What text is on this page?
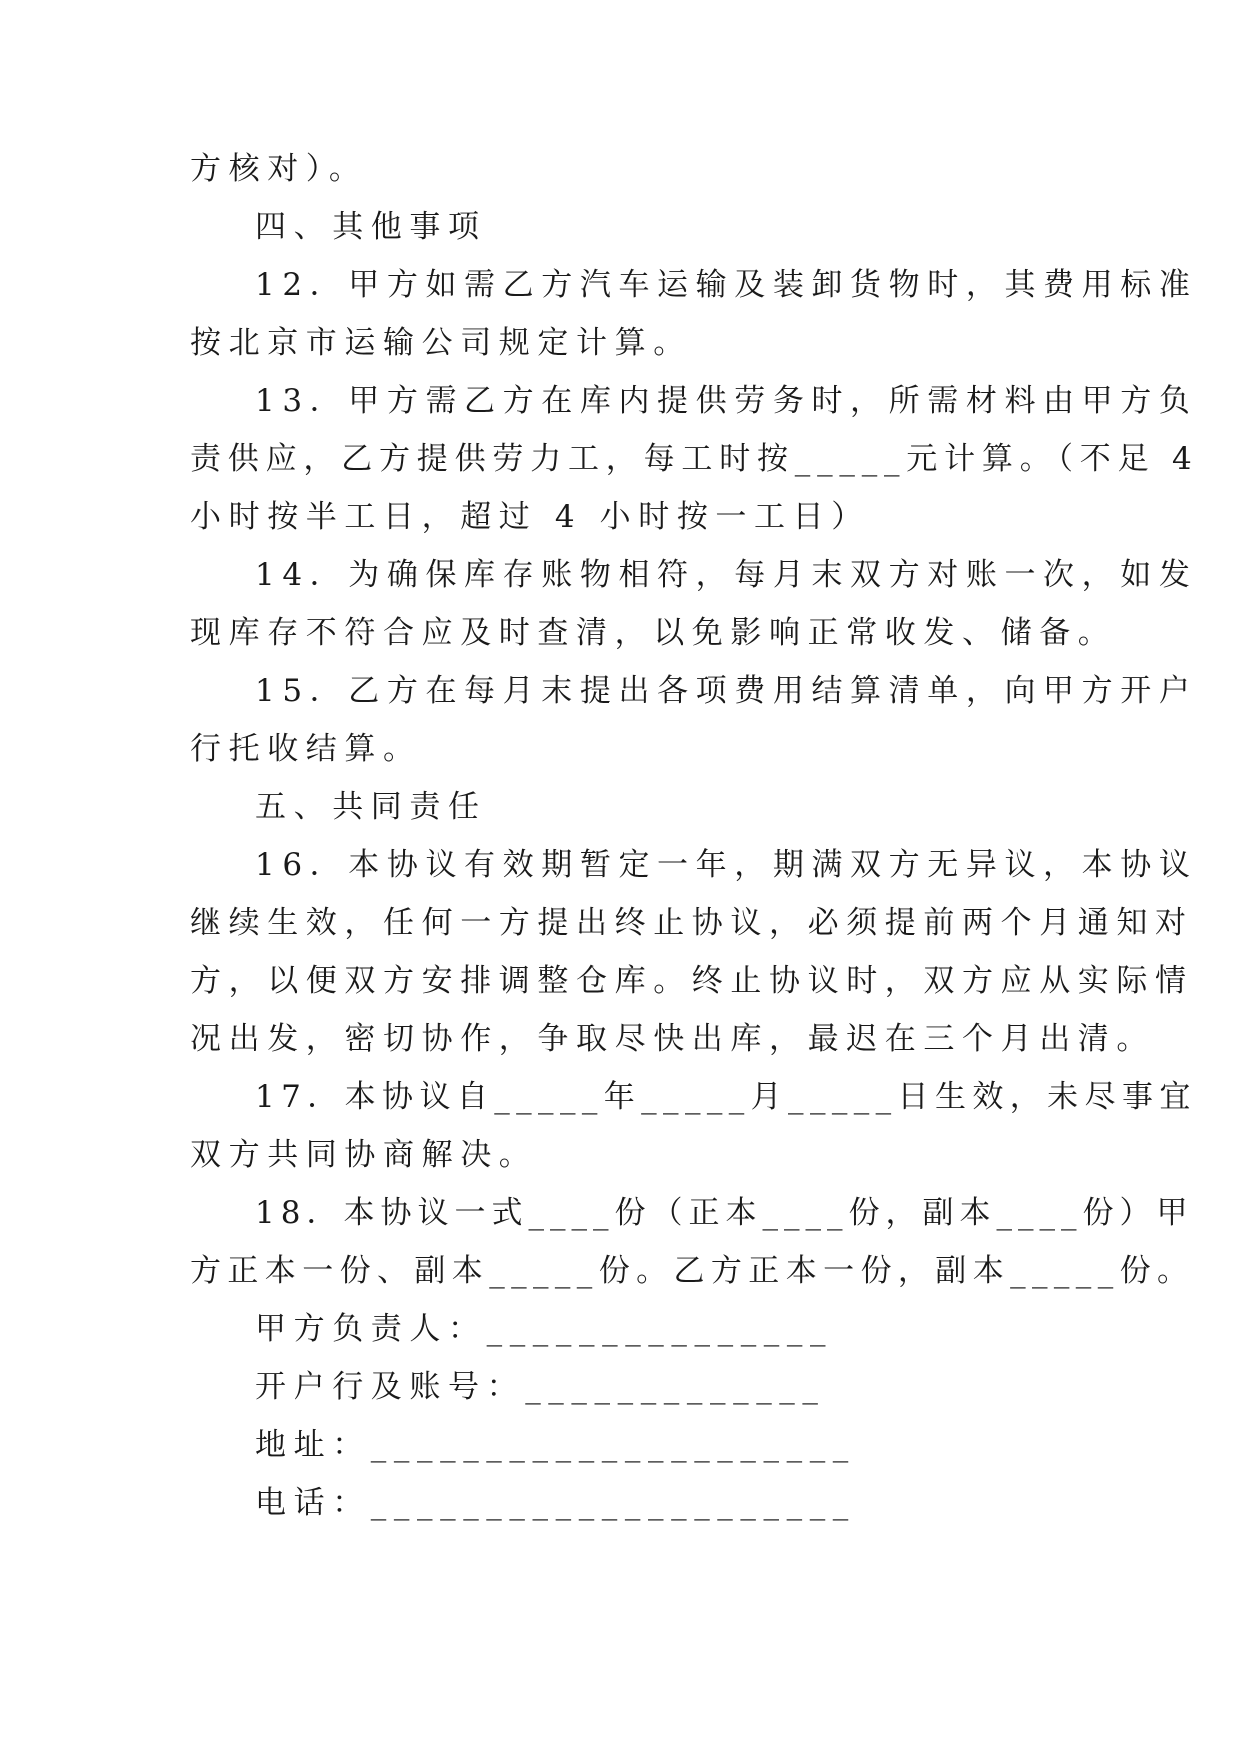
方核对）。
四、其他事项
12．甲方如需乙方汽车运输及装卸货物时，其费用标准
按北京市运输公司规定计算。
13．甲方需乙方在库内提供劳务时，所需材料由甲方负
责供应，乙方提供劳力工，每工时按_____元计算。（不足 4
小时按半工日，超过 4 小时按一工日）
14．为确保库存账物相符，每月末双方对账一次，如发
现库存不符合应及时查清，以免影响正常收发、储备。
15．乙方在每月末提出各项费用结算清单，向甲方开户
行托收结算。
五、共同责任
16．本协议有效期暂定一年，期满双方无异议，本协议
继续生效，任何一方提出终止协议，必须提前两个月通知对
方，以便双方安排调整仓库。终止协议时，双方应从实际情
况出发，密切协作，争取尽快出库，最迟在三个月出清。
17．本协议自_____年_____月_____日生效，未尽事宜
双方共同协商解决。
18．本协议一式____份（正本____份，副本____份）甲
方正本一份、副本_____份。乙方正本一份，副本_____份。
甲方负责人：_______________
开户行及账号：_____________
地址：_____________________
电话：_____________________
